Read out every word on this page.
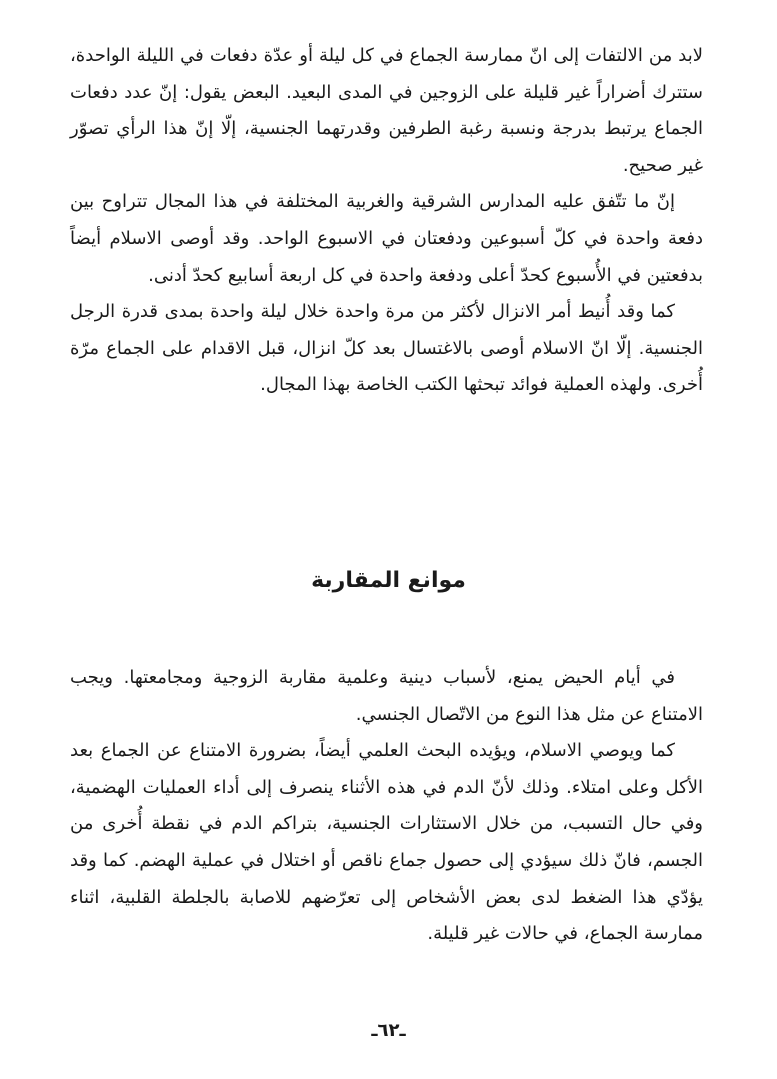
لابد من الالتفات إلى انّ ممارسة الجماع في كل ليلة أو عدّة دفعات في الليلة الواحدة، ستترك أضراراً غير قليلة على الزوجين في المدى البعيد. البعض يقول: إنّ عدد دفعات الجماع يرتبط بدرجة ونسبة رغبة الطرفين وقدرتهما الجنسية، إلّا إنّ هذا الرأي تصوّر غير صحيح.

إنّ ما تتّفق عليه المدارس الشرقية والغربية المختلفة في هذا المجال تتراوح بين دفعة واحدة في كلّ أسبوعين ودفعتان في الاسبوع الواحد. وقد أوصى الاسلام أيضاً بدفعتين في الأُسبوع كحدّ أعلى ودفعة واحدة في كل اربعة أسابيع كحدّ أدنى.

كما وقد أُنيط أمر الانزال لأكثر من مرة واحدة خلال ليلة واحدة بمدى قدرة الرجل الجنسية. إلّا انّ الاسلام أوصى بالاغتسال بعد كلّ انزال، قبل الاقدام على الجماع مرّة أُخرى. ولهذه العملية فوائد تبحثها الكتب الخاصة بهذا المجال.

موانع المقاربة

في أيام الحيض يمنع، لأسباب دينية وعلمية مقاربة الزوجية ومجامعتها. ويجب الامتناع عن مثل هذا النوع من الاتّصال الجنسي.

كما ويوصي الاسلام، ويؤيده البحث العلمي أيضاً، بضرورة الامتناع عن الجماع بعد الأكل وعلى امتلاء. وذلك لأنّ الدم في هذه الأثناء ينصرف إلى أداء العمليات الهضمية، وفي حال التسبب، من خلال الاستثارات الجنسية، بتراكم الدم في نقطة أُخرى من الجسم، فانّ ذلك سيؤدي إلى حصول جماع ناقص أو اختلال في عملية الهضم. كما وقد يؤدّي هذا الضغط لدى بعض الأشخاص إلى تعرّضهم للاصابة بالجلطة القلبية، اثناء ممارسة الجماع، في حالات غير قليلة.

ـ٦٢ـ
